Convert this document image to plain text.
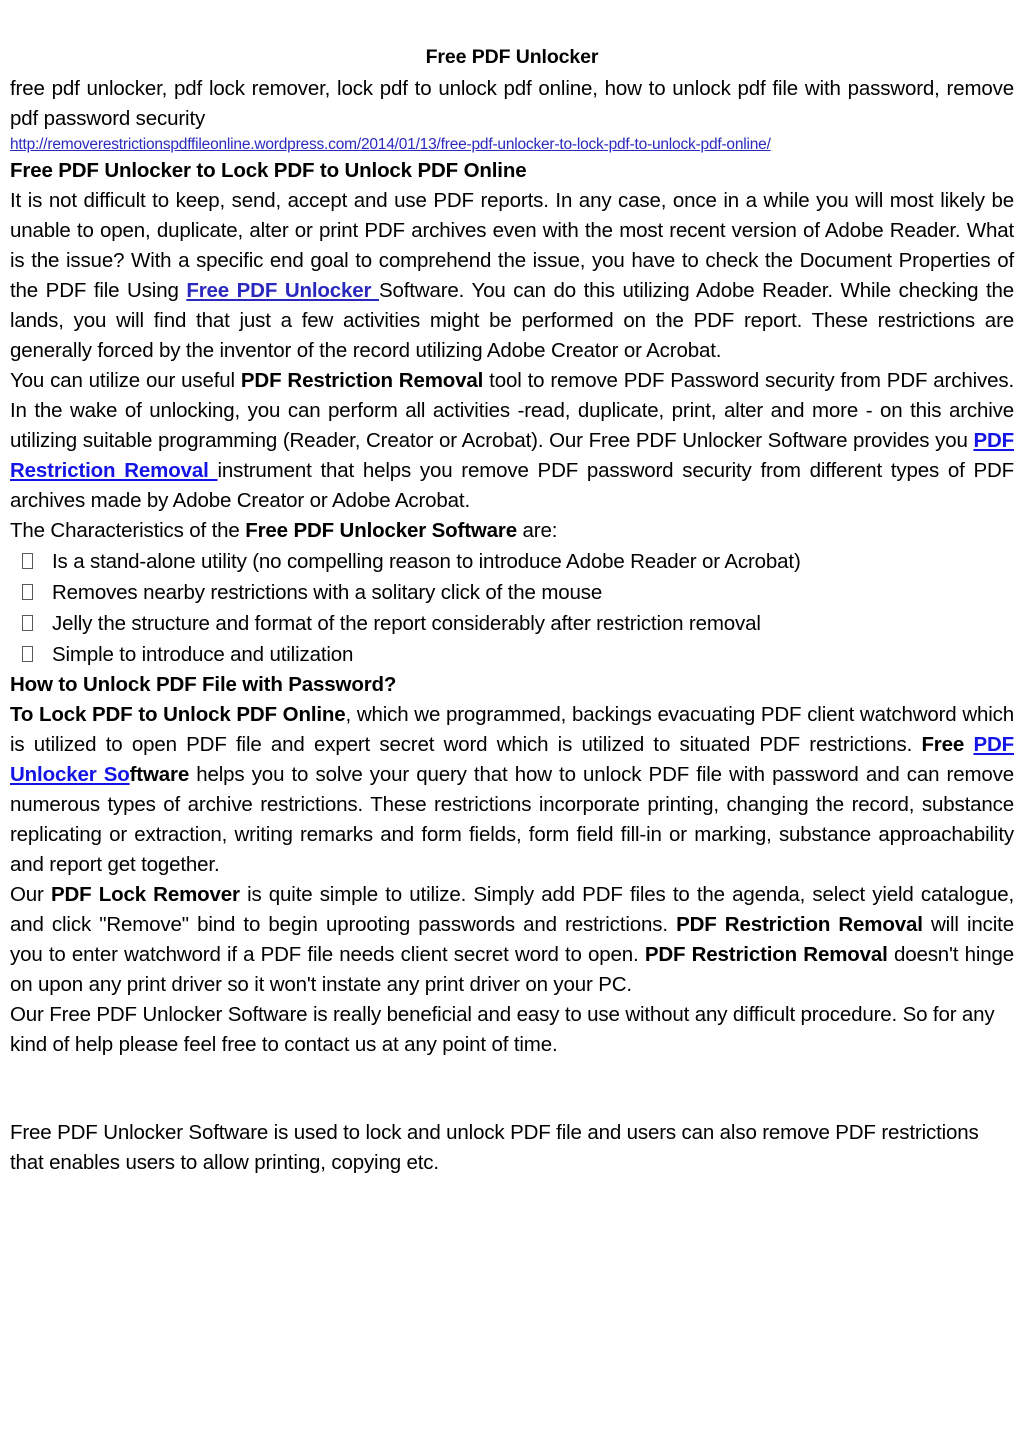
Free PDF Unlocker

free pdf unlocker, pdf lock remover, lock pdf to unlock pdf online, how to unlock pdf file with password, remove pdf password security

http://removerestrictionspdffileonline.wordpress.com/2014/01/13/free-pdf-unlocker-to-lock-pdf-to-unlock-pdf-online/

Free PDF Unlocker to Lock PDF to Unlock PDF Online

It is not difficult to keep, send, accept and use PDF reports. In any case, once in a while you will most likely be unable to open, duplicate, alter or print PDF archives even with the most recent version of Adobe Reader. What is the issue? With a specific end goal to comprehend the issue, you have to check the Document Properties of the PDF file Using Free PDF Unlocker Software. You can do this utilizing Adobe Reader. While checking the lands, you will find that just a few activities might be performed on the PDF report. These restrictions are generally forced by the inventor of the record utilizing Adobe Creator or Acrobat.

You can utilize our useful PDF Restriction Removal tool to remove PDF Password security from PDF archives. In the wake of unlocking, you can perform all activities -read, duplicate, print, alter and more - on this archive utilizing suitable programming (Reader, Creator or Acrobat). Our Free PDF Unlocker Software provides you PDF Restriction Removal instrument that helps you remove PDF password security from different types of PDF archives made by Adobe Creator or Adobe Acrobat.

The Characteristics of the Free PDF Unlocker Software are:

Is a stand-alone utility (no compelling reason to introduce Adobe Reader or Acrobat)
Removes nearby restrictions with a solitary click of the mouse
Jelly the structure and format of the report considerably after restriction removal
Simple to introduce and utilization

How to Unlock PDF File with Password?

To Lock PDF to Unlock PDF Online, which we programmed, backings evacuating PDF client watchword which is utilized to open PDF file and expert secret word which is utilized to situated PDF restrictions. Free PDF Unlocker Software helps you to solve your query that how to unlock PDF file with password and can remove numerous types of archive restrictions. These restrictions incorporate printing, changing the record, substance replicating or extraction, writing remarks and form fields, form field fill-in or marking, substance approachability and report get together.

Our PDF Lock Remover is quite simple to utilize. Simply add PDF files to the agenda, select yield catalogue, and click "Remove" bind to begin uprooting passwords and restrictions. PDF Restriction Removal will incite you to enter watchword if a PDF file needs client secret word to open. PDF Restriction Removal doesn't hinge on upon any print driver so it won't instate any print driver on your PC.

Our Free PDF Unlocker Software is really beneficial and easy to use without any difficult procedure. So for any kind of help please feel free to contact us at any point of time.

Free PDF Unlocker Software is used to lock and unlock PDF file and users can also remove PDF restrictions that enables users to allow printing, copying etc.
